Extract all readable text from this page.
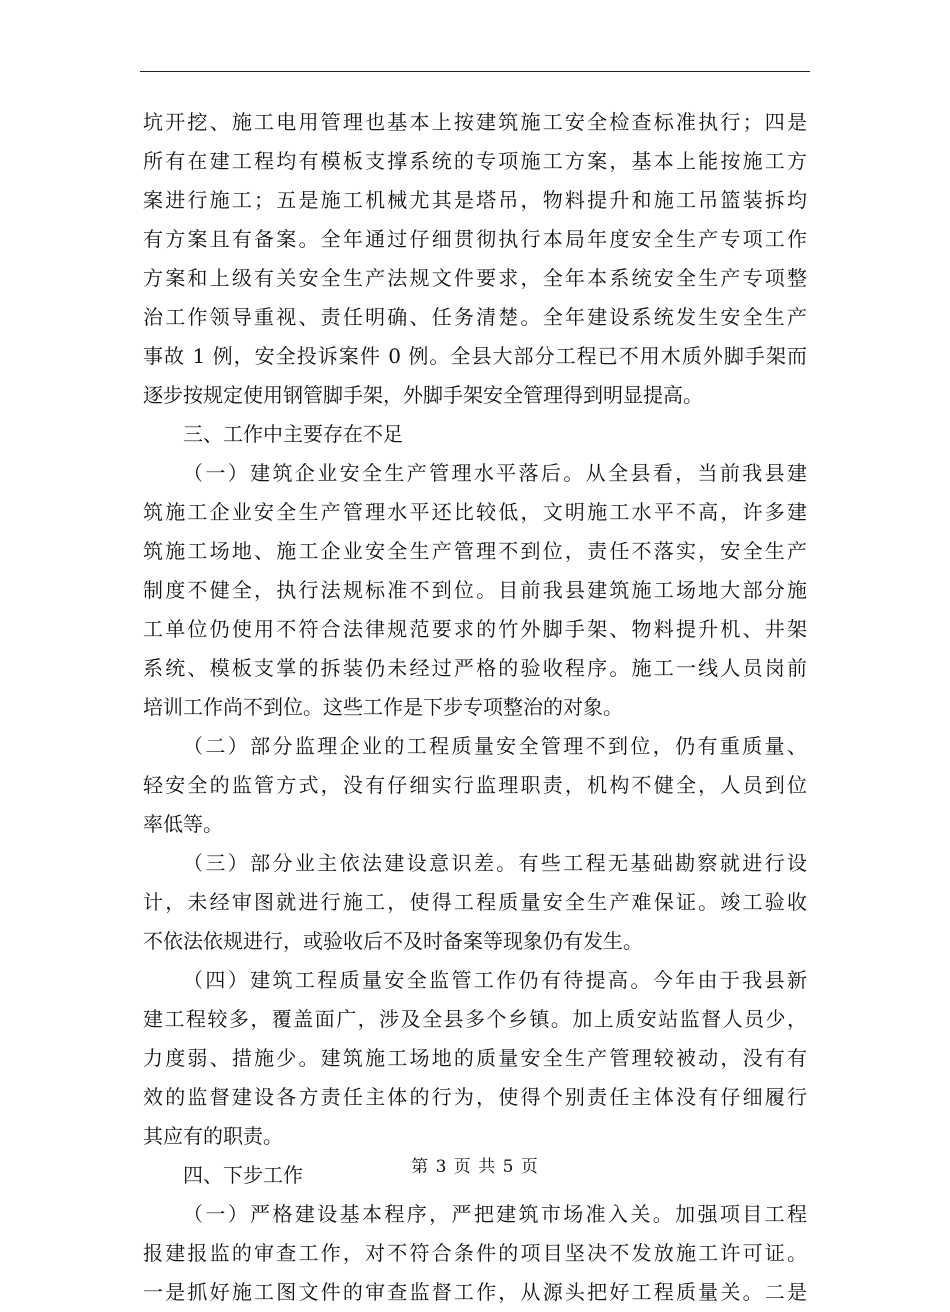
坑开挖、施工电用管理也基本上按建筑施工安全检查标准执行；四是
所有在建工程均有模板支撑系统的专项施工方案，基本上能按施工方
案进行施工；五是施工机械尤其是塔吊，物料提升和施工吊篮装拆均
有方案且有备案。全年通过仔细贯彻执行本局年度安全生产专项工作
方案和上级有关安全生产法规文件要求，全年本系统安全生产专项整
治工作领导重视、责任明确、任务清楚。全年建设系统发生安全生产
事故 1 例，安全投诉案件 0 例。全县大部分工程已不用木质外脚手架而
逐步按规定使用钢管脚手架，外脚手架安全管理得到明显提高。
三、工作中主要存在不足
（一）建筑企业安全生产管理水平落后。从全县看，当前我县建
筑施工企业安全生产管理水平还比较低，文明施工水平不高，许多建
筑施工场地、施工企业安全生产管理不到位，责任不落实，安全生产
制度不健全，执行法规标准不到位。目前我县建筑施工场地大部分施
工单位仍使用不符合法律规范要求的竹外脚手架、物料提升机、井架
系统、模板支掌的拆装仍未经过严格的验收程序。施工一线人员岗前
培训工作尚不到位。这些工作是下步专项整治的对象。
（二）部分监理企业的工程质量安全管理不到位，仍有重质量、
轻安全的监管方式，没有仔细实行监理职责，机构不健全，人员到位
率低等。
（三）部分业主依法建设意识差。有些工程无基础勘察就进行设
计，未经审图就进行施工，使得工程质量安全生产难保证。竣工验收
不依法依规进行，或验收后不及时备案等现象仍有发生。
（四）建筑工程质量安全监管工作仍有待提高。今年由于我县新
建工程较多，覆盖面广，涉及全县多个乡镇。加上质安站监督人员少，
力度弱、措施少。建筑施工场地的质量安全生产管理较被动，没有有
效的监督建设各方责任主体的行为，使得个别责任主体没有仔细履行
其应有的职责。
四、下步工作
（一）严格建设基本程序，严把建筑市场准入关。加强项目工程
报建报监的审查工作，对不符合条件的项目坚决不发放施工许可证。
一是抓好施工图文件的审查监督工作，从源头把好工程质量关。二是
第 3 页 共 5 页
